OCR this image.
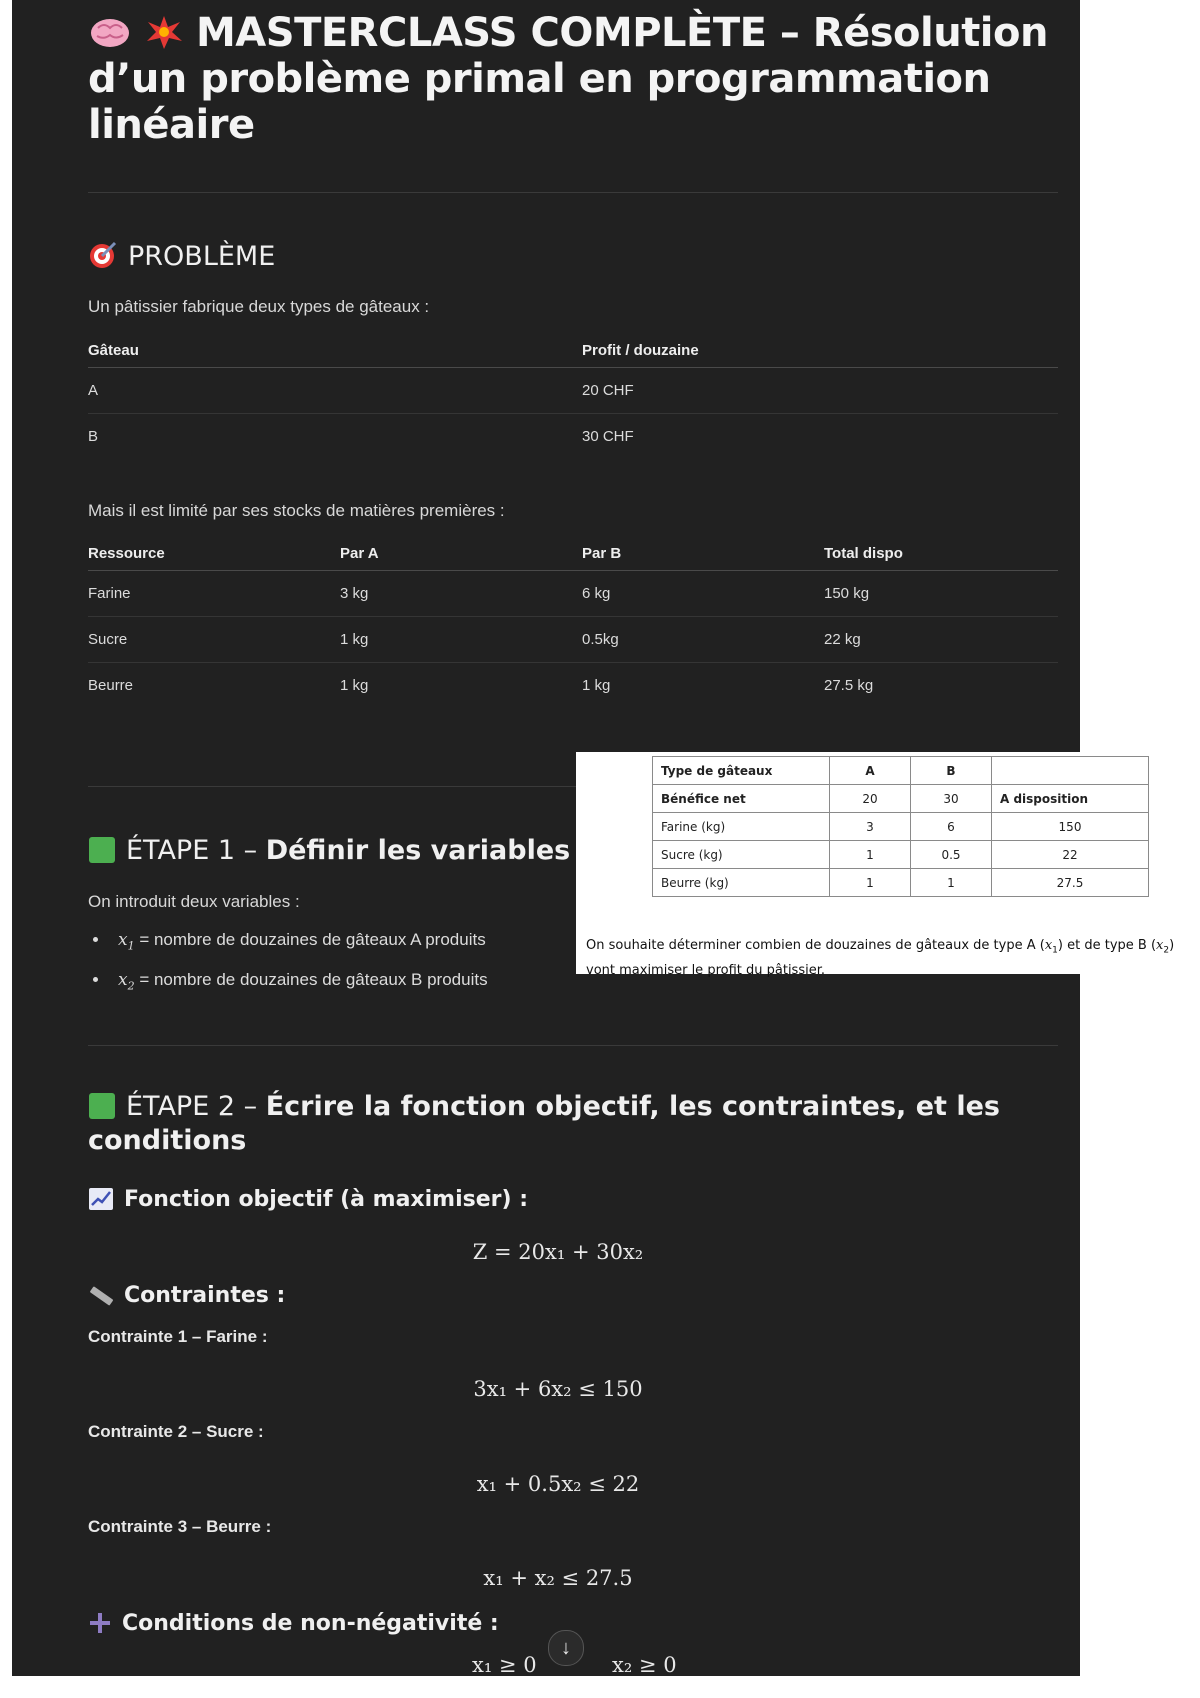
MASTERCLASS COMPLÈTE – Résolution
d’un problème primal en programmation
linéaire
PROBLÈME
Un pâtissier fabrique deux types de gâteaux :
Gâteau	Profit / douzaine
A	20 CHF
B	30 CHF
Mais il est limité par ses stocks de matières premières :
Ressource	Par A	Par B	Total dispo
Farine	3 kg	6 kg	150 kg
Sucre	1 kg	0.5kg	22 kg
Beurre	1 kg	1 kg	27.5 kg
ÉTAPE 1 – Définir les variables
On introduit deux variables :
• $x_1$ = nombre de douzaines de gâteaux A produits
• $x_2$ = nombre de douzaines de gâteaux B produits
ÉTAPE 2 – Écrire la fonction objectif, les contraintes, et les
conditions
Fonction objectif (à maximiser) :
Z = 20x₁ + 30x₂
Contraintes :
Contrainte 1 – Farine :
3x₁ + 6x₂ ≤ 150
Contrainte 2 – Sucre :
x₁ + 0.5x₂ ≤ 22
Contrainte 3 – Beurre :
x₁ + x₂ ≤ 27.5
Conditions de non-négativité :
x₁ ≥ 0	x₂ ≥ 0
↓
Type de gâteaux	A	B	
Bénéfice net	20	30	A disposition
Farine (kg)	3	6	150
Sucre (kg)	1	0.5	22
Beurre (kg)	1	1	27.5
On souhaite déterminer combien de douzaines de gâteaux de type A $(x_1)$ et de type B $(x_2)$ vont maximiser le profit du pâtissier.
